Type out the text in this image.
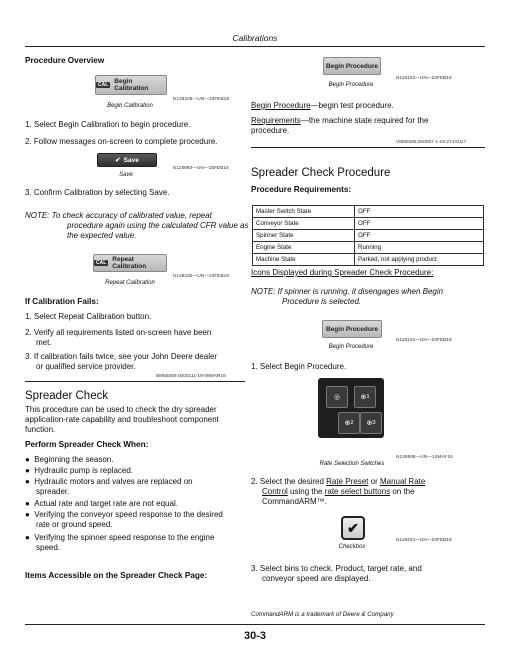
Calibrations
Procedure Overview
CAL Begin Calibration
N128225—UN—23FEB18
Begin Calibration
1. Select Begin Calibration to begin procedure.
2. Follow messages on-screen to complete procedure.
✔ Save
N118993—UN—15FEB18
Save
3. Confirm Calibration by selecting Save.
NOTE: To check accuracy of calibrated value, repeat
procedure again using the calculated CFR value as
the expected value.
CAL Repeat Calibration
N128225—UN—23FEB18
Repeat Calibration
If Calibration Fails:
1. Select Repeat Calibration button.
2. Verify all requirements listed on-screen have been
met.
3. If calibration fails twice, see your John Deere dealer
or qualified service provider.
BM55059,0000111-19-09MAR18
Spreader Check
This procedure can be used to check the dry spreader
application-rate capability and troubleshoot component
function.
Perform Spreader Check When:
● Beginning the season.
● Hydraulic pump is replaced.
● Hydraulic motors and valves are replaced on
spreader.
● Actual rate and target rate are not equal.
● Verifying the conveyor speed response to the desired
rate or ground speed.
● Verifying the spinner speed response to the engine
speed.
Items Accessible on the Spreader Check Page:
Begin Procedure
N118102—UN—23FEB18
Begin Procedure
Begin Procedure—begin test procedure.
Requirements—the machine state required for the
procedure.
VM80365,000007 1-19-27JAN17
Spreader Check Procedure
Procedure Requirements:
Master Switch State	OFF
Conveyor State	OFF
Spinner State	OFF
Engine State	Running
Machine State	Parked, not applying product
Icons Displayed during Spreader Check Procedure:
NOTE: If spinner is running, it disengages when Begin
Procedure is selected.
Begin Procedure
N118102—UN—23FEB18
Begin Procedure
1. Select Begin Procedure.
◎	⊕ 1
⊕ 2	⊕ 3
N126598—UN—12MAY16
Rate Selection Switches
2. Select the desired Rate Preset or Manual Rate
Control using the rate select buttons on the
CommandARM™.
✔
N118434—UN—23FEB18
Checkbox
3. Select bins to check. Product, target rate, and
conveyor speed are displayed.
CommandARM is a trademark of Deere & Company
30-3
